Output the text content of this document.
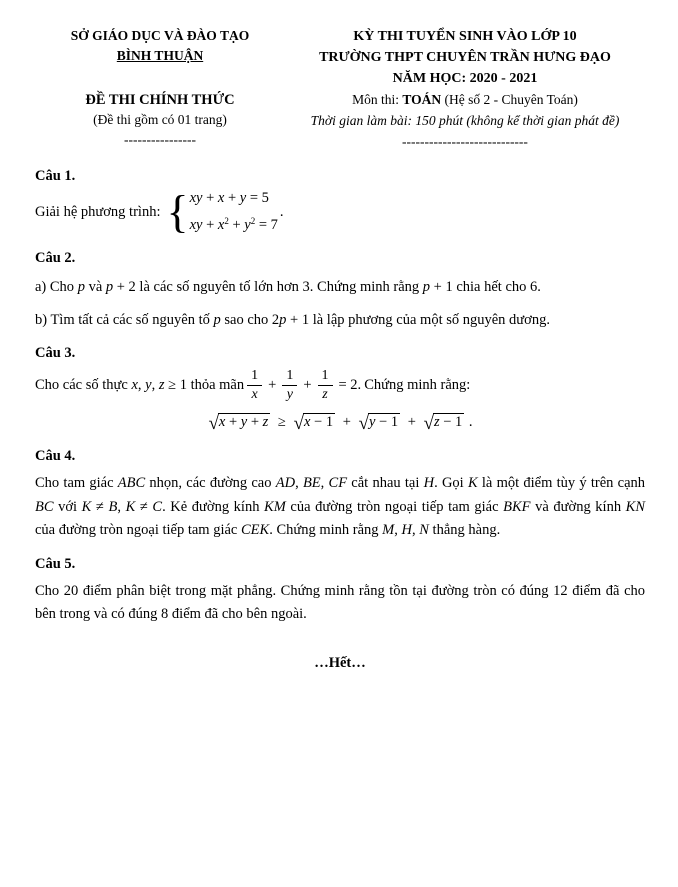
SỞ GIÁO DỤC VÀ ĐÀO TẠO
BÌNH THUẬN
ĐỀ THI CHÍNH THỨC
(Đề thi gồm có 01 trang)
----------------
KỲ THI TUYỂN SINH VÀO LỚP 10
TRƯỜNG THPT CHUYÊN TRẦN HƯNG ĐẠO
NĂM HỌC: 2020 - 2021
Môn thi: TOÁN (Hệ số 2 - Chuyên Toán)
Thời gian làm bài: 150 phút (không kể thời gian phát đề)
----------------------------
Câu 1.
Giải hệ phương trình: { xy + x + y = 5
xy + $x^2 + y^2 = 7$
.
Câu 2.
a) Cho p và p + 2 là các số nguyên tố lớn hơn 3. Chứng minh rằng p + 1 chia hết cho 6.
b) Tìm tất cả các số nguyên tố p sao cho 2p + 1 là lập phương của một số nguyên dương.
Câu 3.
Cho các số thực x, y, z ≥ 1 thỏa mãn $\frac{1}{x} + \frac{1}{y} + \frac{1}{z} = 2$. Chứng minh rằng:
√x + y + z ≥ √x − 1 + √y − 1 + √z − 1 .
Câu 4.
Cho tam giác ABC nhọn, các đường cao AD, BE, CF cắt nhau tại H. Gọi K là một điểm tùy ý trên cạnh BC với K ≠ B, K ≠ C. Kẻ đường kính KM của đường tròn ngoại tiếp tam giác BKF và đường kính KN của đường tròn ngoại tiếp tam giác CEK. Chứng minh rằng M, H, N thẳng hàng.
Câu 5.
Cho 20 điểm phân biệt trong mặt phẳng. Chứng minh rằng tồn tại đường tròn có đúng 12 điểm đã cho bên trong và có đúng 8 điểm đã cho bên ngoài.
…Hết…
